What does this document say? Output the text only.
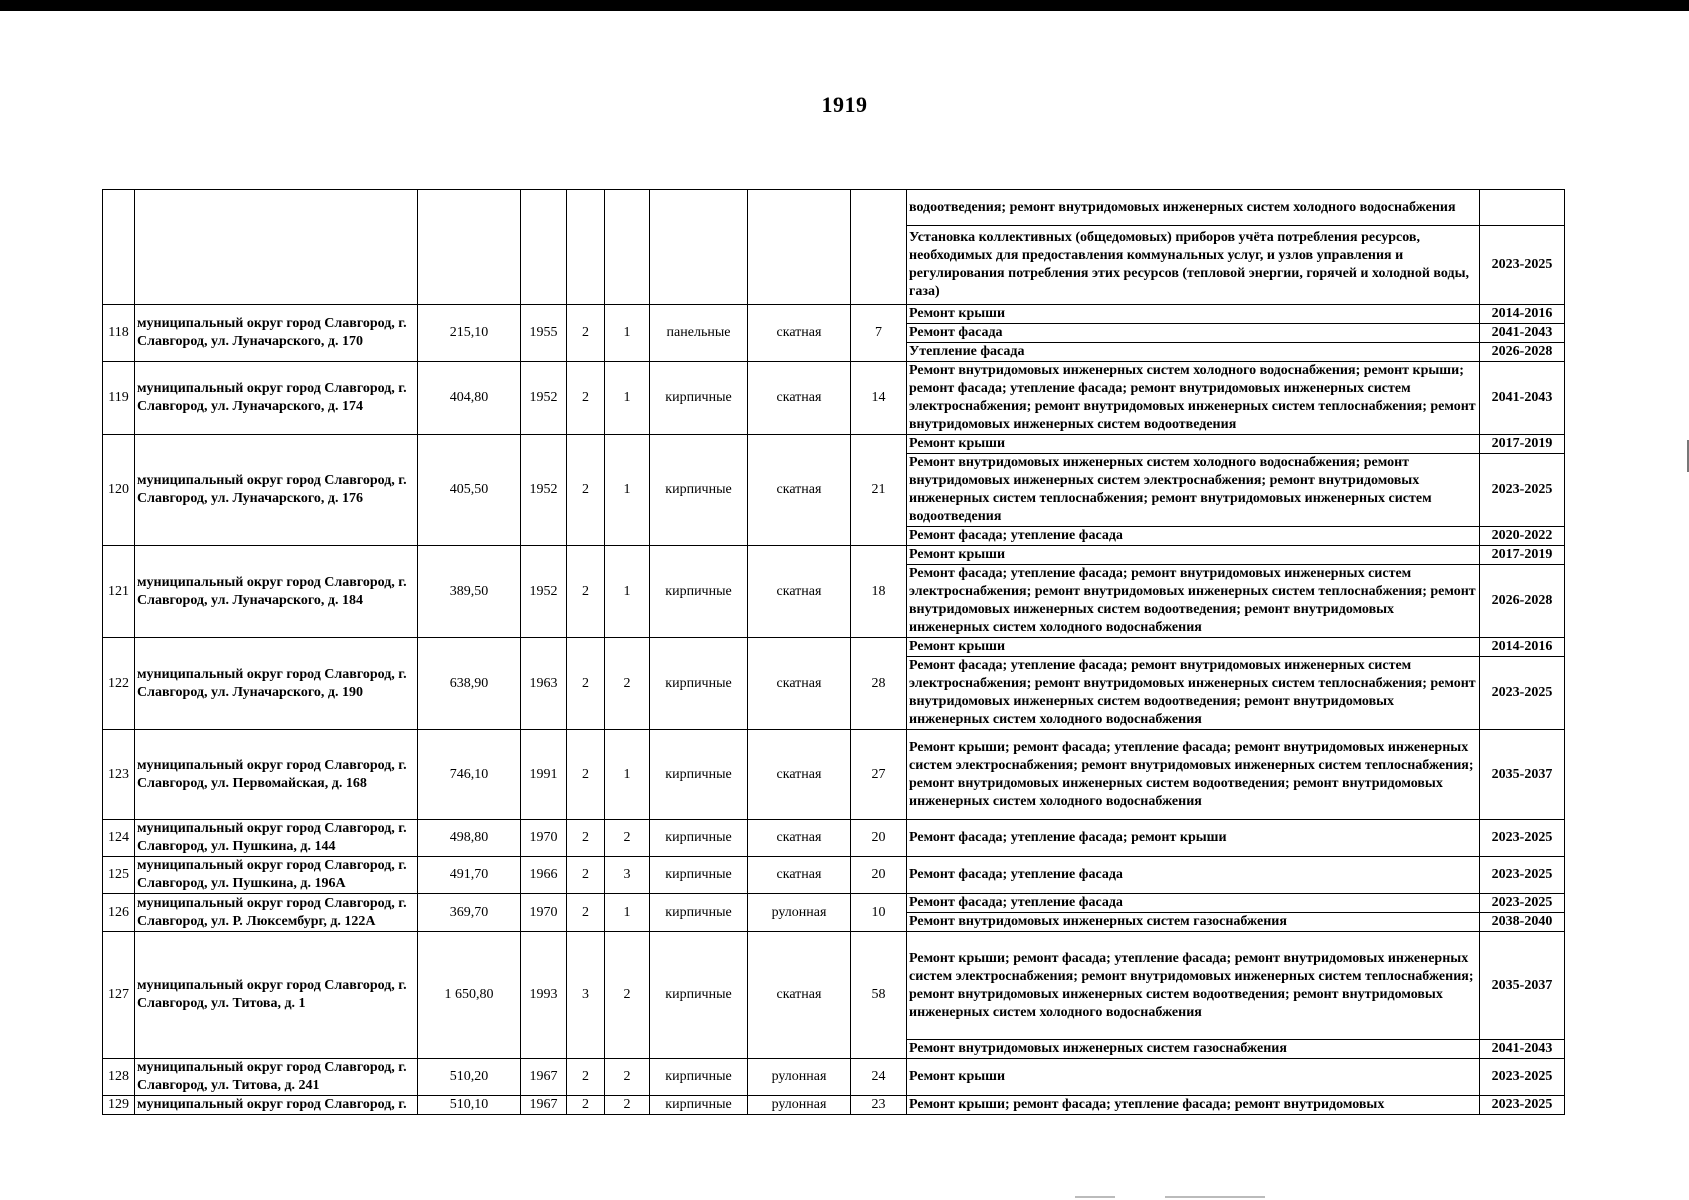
1919
									водоотведения; ремонт внутридомовых инженерных систем холодного водоснабжения	
									Установка коллективных (общедомовых) приборов учёта потребления ресурсов, необходимых для предоставления коммунальных услуг, и узлов управления и регулирования потребления этих ресурсов (тепловой энергии, горячей и холодной воды, газа)	2023-2025
118	муниципальный округ город Славгород, г. Славгород, ул. Луначарского, д. 170	215,10	1955	2	1	панельные	скатная	7	Ремонт крыши	2014-2016
									Ремонт фасада	2041-2043
									Утепление фасада	2026-2028
119	муниципальный округ город Славгород, г. Славгород, ул. Луначарского, д. 174	404,80	1952	2	1	кирпичные	скатная	14	Ремонт внутридомовых инженерных систем холодного водоснабжения; ремонт крыши; ремонт фасада; утепление фасада; ремонт внутридомовых инженерных систем электроснабжения; ремонт внутридомовых инженерных систем теплоснабжения; ремонт внутридомовых инженерных систем водоотведения	2041-2043
120	муниципальный округ город Славгород, г. Славгород, ул. Луначарского, д. 176	405,50	1952	2	1	кирпичные	скатная	21	Ремонт крыши	2017-2019
									Ремонт внутридомовых инженерных систем холодного водоснабжения; ремонт внутридомовых инженерных систем электроснабжения; ремонт внутридомовых инженерных систем теплоснабжения; ремонт внутридомовых инженерных систем водоотведения	2023-2025
									Ремонт фасада; утепление фасада	2020-2022
121	муниципальный округ город Славгород, г. Славгород, ул. Луначарского, д. 184	389,50	1952	2	1	кирпичные	скатная	18	Ремонт крыши	2017-2019
									Ремонт фасада; утепление фасада; ремонт внутридомовых инженерных систем электроснабжения; ремонт внутридомовых инженерных систем теплоснабжения; ремонт внутридомовых инженерных систем водоотведения; ремонт внутридомовых инженерных систем холодного водоснабжения	2026-2028
122	муниципальный округ город Славгород, г. Славгород, ул. Луначарского, д. 190	638,90	1963	2	2	кирпичные	скатная	28	Ремонт крыши	2014-2016
									Ремонт фасада; утепление фасада; ремонт внутридомовых инженерных систем электроснабжения; ремонт внутридомовых инженерных систем теплоснабжения; ремонт внутридомовых инженерных систем водоотведения; ремонт внутридомовых инженерных систем холодного водоснабжения	2023-2025
123	муниципальный округ город Славгород, г. Славгород, ул. Первомайская, д. 168	746,10	1991	2	1	кирпичные	скатная	27	Ремонт крыши; ремонт фасада; утепление фасада; ремонт внутридомовых инженерных систем электроснабжения; ремонт внутридомовых инженерных систем теплоснабжения; ремонт внутридомовых инженерных систем водоотведения; ремонт внутридомовых инженерных систем холодного водоснабжения	2035-2037
124	муниципальный округ город Славгород, г. Славгород, ул. Пушкина, д. 144	498,80	1970	2	2	кирпичные	скатная	20	Ремонт фасада; утепление фасада; ремонт крыши	2023-2025
125	муниципальный округ город Славгород, г. Славгород, ул. Пушкина, д. 196А	491,70	1966	2	3	кирпичные	скатная	20	Ремонт фасада; утепление фасада	2023-2025
126	муниципальный округ город Славгород, г. Славгород, ул. Р. Люксембург, д. 122А	369,70	1970	2	1	кирпичные	рулонная	10	Ремонт фасада; утепление фасада	2023-2025
									Ремонт внутридомовых инженерных систем газоснабжения	2038-2040
127	муниципальный округ город Славгород, г. Славгород, ул. Титова, д. 1	1 650,80	1993	3	2	кирпичные	скатная	58	Ремонт крыши; ремонт фасада; утепление фасада; ремонт внутридомовых инженерных систем электроснабжения; ремонт внутридомовых инженерных систем теплоснабжения; ремонт внутридомовых инженерных систем водоотведения; ремонт внутридомовых инженерных систем холодного водоснабжения	2035-2037
									Ремонт внутридомовых инженерных систем газоснабжения	2041-2043
128	муниципальный округ город Славгород, г. Славгород, ул. Титова, д. 241	510,20	1967	2	2	кирпичные	рулонная	24	Ремонт крыши	2023-2025
129	муниципальный округ город Славгород, г.	510,10	1967	2	2	кирпичные	рулонная	23	Ремонт крыши; ремонт фасада; утепление фасада; ремонт внутридомовых	2023-2025
